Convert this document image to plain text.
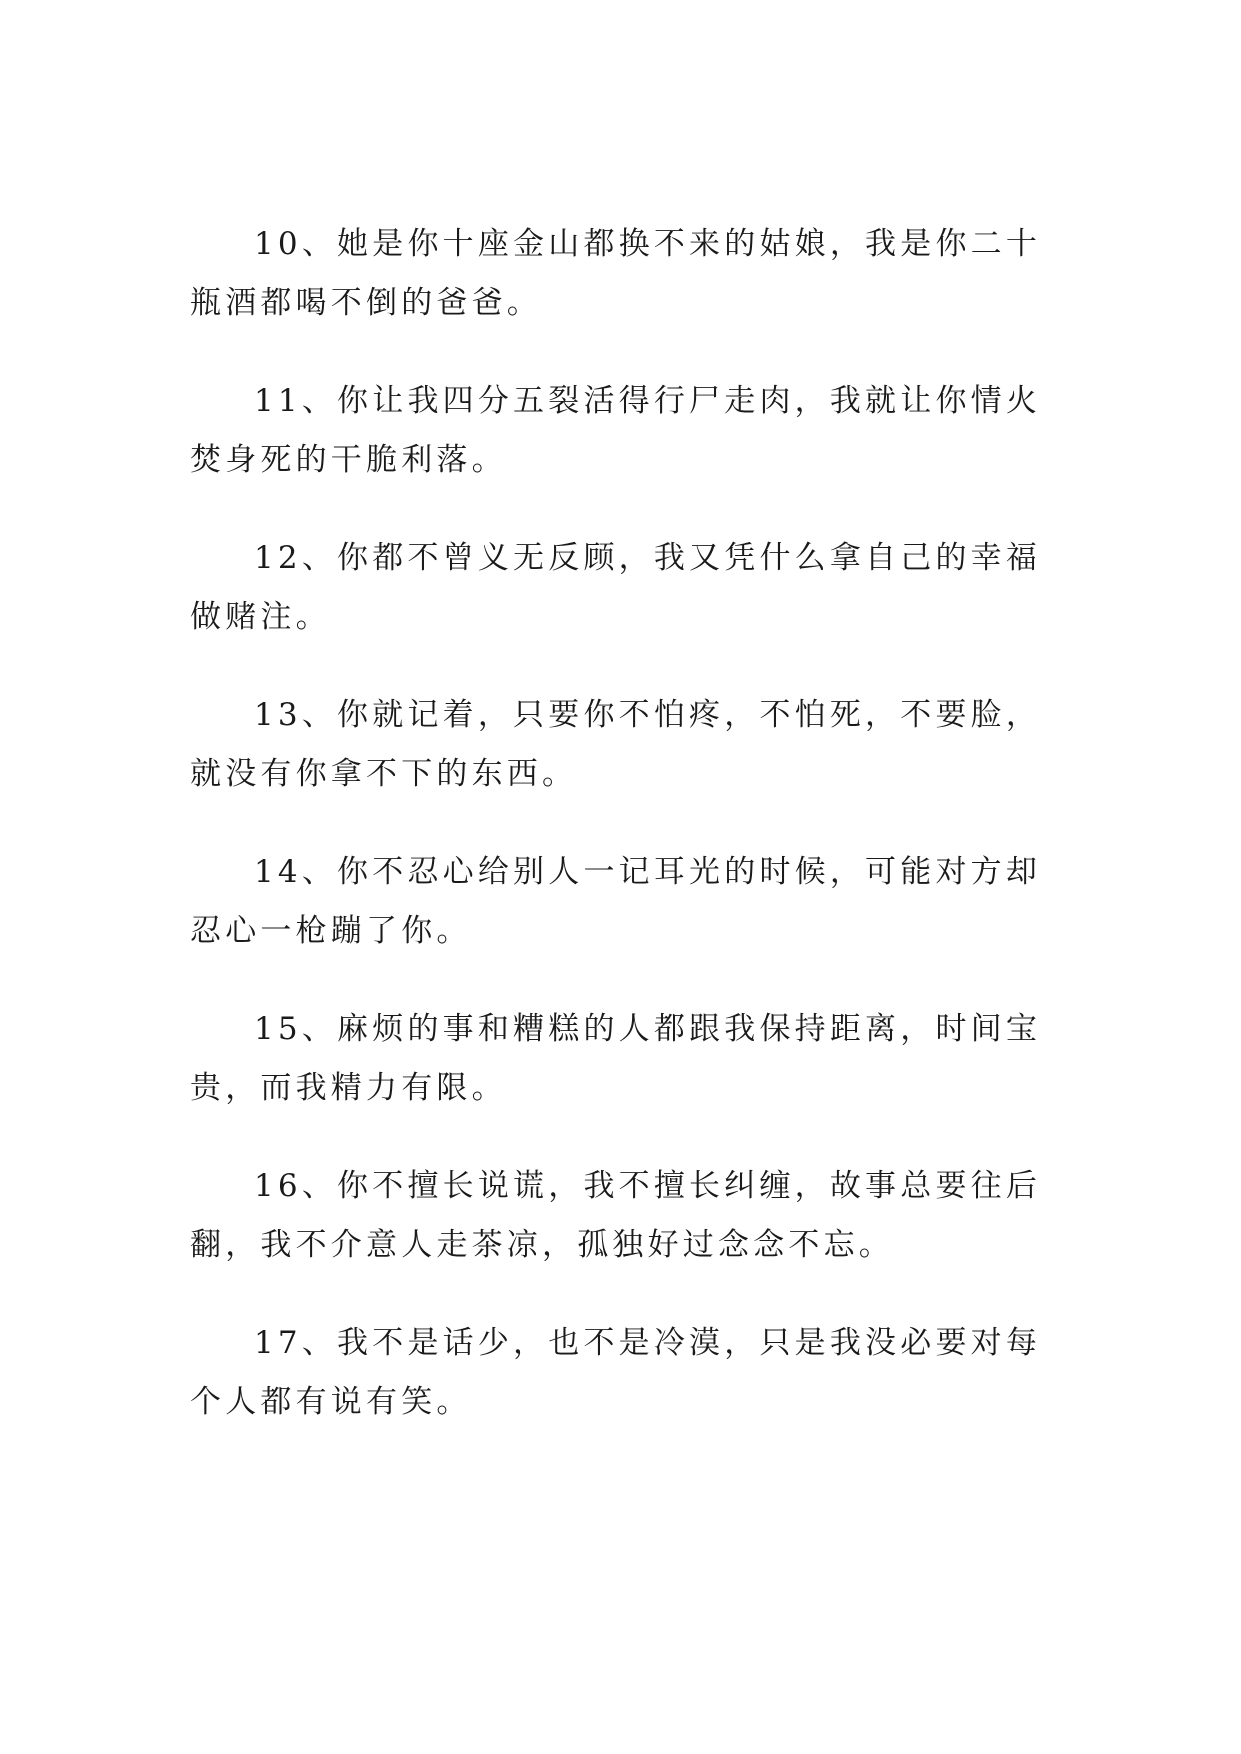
10、她是你十座金山都换不来的姑娘，我是你二十瓶酒都喝不倒的爸爸。

11、你让我四分五裂活得行尸走肉，我就让你情火焚身死的干脆利落。

12、你都不曾义无反顾，我又凭什么拿自己的幸福做赌注。

13、你就记着，只要你不怕疼，不怕死，不要脸，就没有你拿不下的东西。

14、你不忍心给别人一记耳光的时候，可能对方却忍心一枪蹦了你。

15、麻烦的事和糟糕的人都跟我保持距离，时间宝贵，而我精力有限。

16、你不擅长说谎，我不擅长纠缠，故事总要往后翻，我不介意人走茶凉，孤独好过念念不忘。

17、我不是话少，也不是冷漠，只是我没必要对每个人都有说有笑。
